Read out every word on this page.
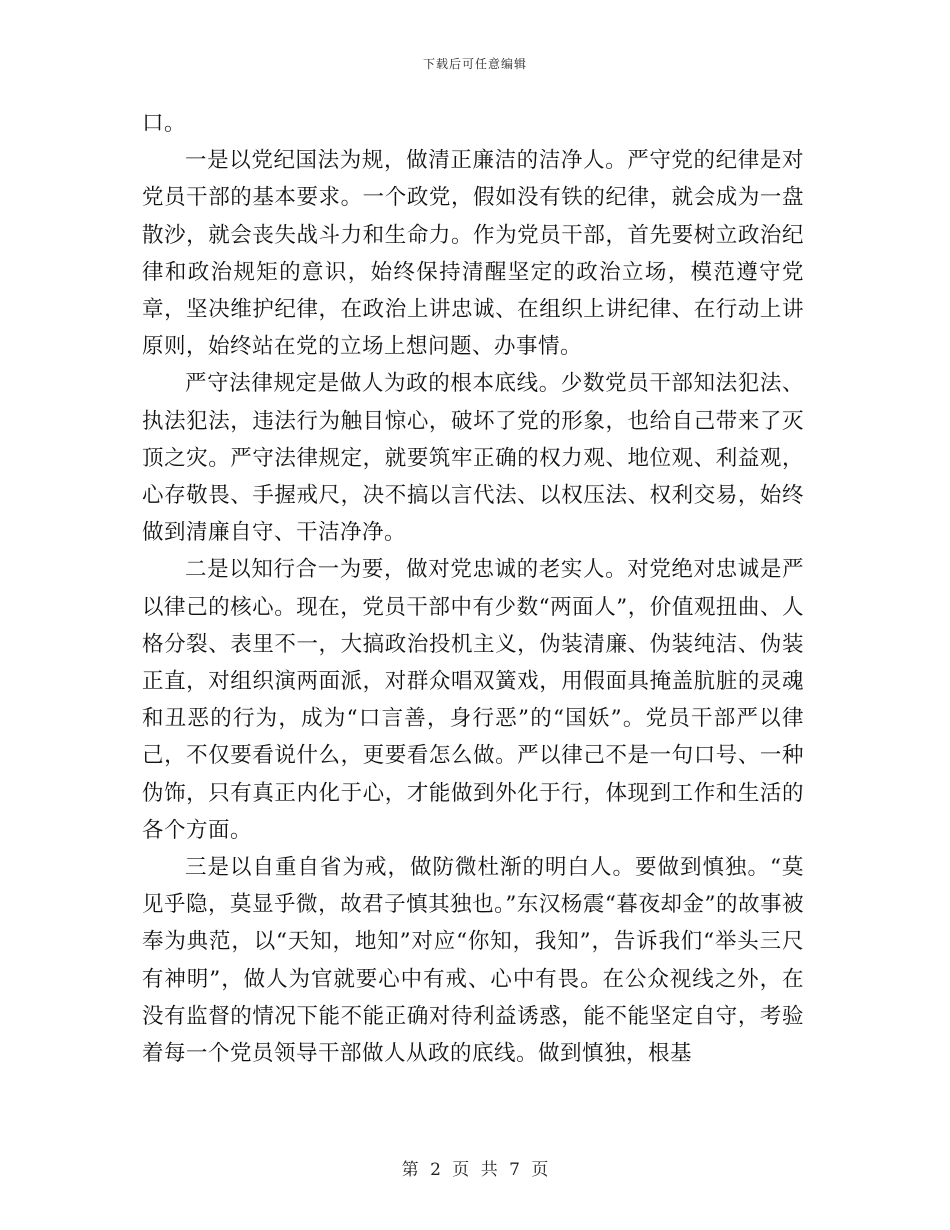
下载后可任意编辑

口。

一是以党纪国法为规，做清正廉洁的洁净人。严守党的纪律是对党员干部的基本要求。一个政党，假如没有铁的纪律，就会成为一盘散沙，就会丧失战斗力和生命力。作为党员干部，首先要树立政治纪律和政治规矩的意识，始终保持清醒坚定的政治立场，模范遵守党章，坚决维护纪律，在政治上讲忠诚、在组织上讲纪律、在行动上讲原则，始终站在党的立场上想问题、办事情。

严守法律规定是做人为政的根本底线。少数党员干部知法犯法、执法犯法，违法行为触目惊心，破坏了党的形象，也给自己带来了灭顶之灾。严守法律规定，就要筑牢正确的权力观、地位观、利益观，心存敬畏、手握戒尺，决不搞以言代法、以权压法、权利交易，始终做到清廉自守、干洁净净。

二是以知行合一为要，做对党忠诚的老实人。对党绝对忠诚是严以律己的核心。现在，党员干部中有少数“两面人”，价值观扭曲、人格分裂、表里不一，大搞政治投机主义，伪装清廉、伪装纯洁、伪装正直，对组织演两面派，对群众唱双簧戏，用假面具掩盖肮脏的灵魂和丑恶的行为，成为“口言善，身行恶”的“国妖”。党员干部严以律己，不仅要看说什么，更要看怎么做。严以律己不是一句口号、一种伪饰，只有真正内化于心，才能做到外化于行，体现到工作和生活的各个方面。

三是以自重自省为戒，做防微杜渐的明白人。要做到慎独。“莫见乎隐，莫显乎微，故君子慎其独也。”东汉杨震“暮夜却金”的故事被奉为典范，以“天知，地知”对应“你知，我知”，告诉我们“举头三尺有神明”，做人为官就要心中有戒、心中有畏。在公众视线之外，在没有监督的情况下能不能正确对待利益诱惑，能不能坚定自守，考验着每一个党员领导干部做人从政的底线。做到慎独，根基

第 2 页 共 7 页
